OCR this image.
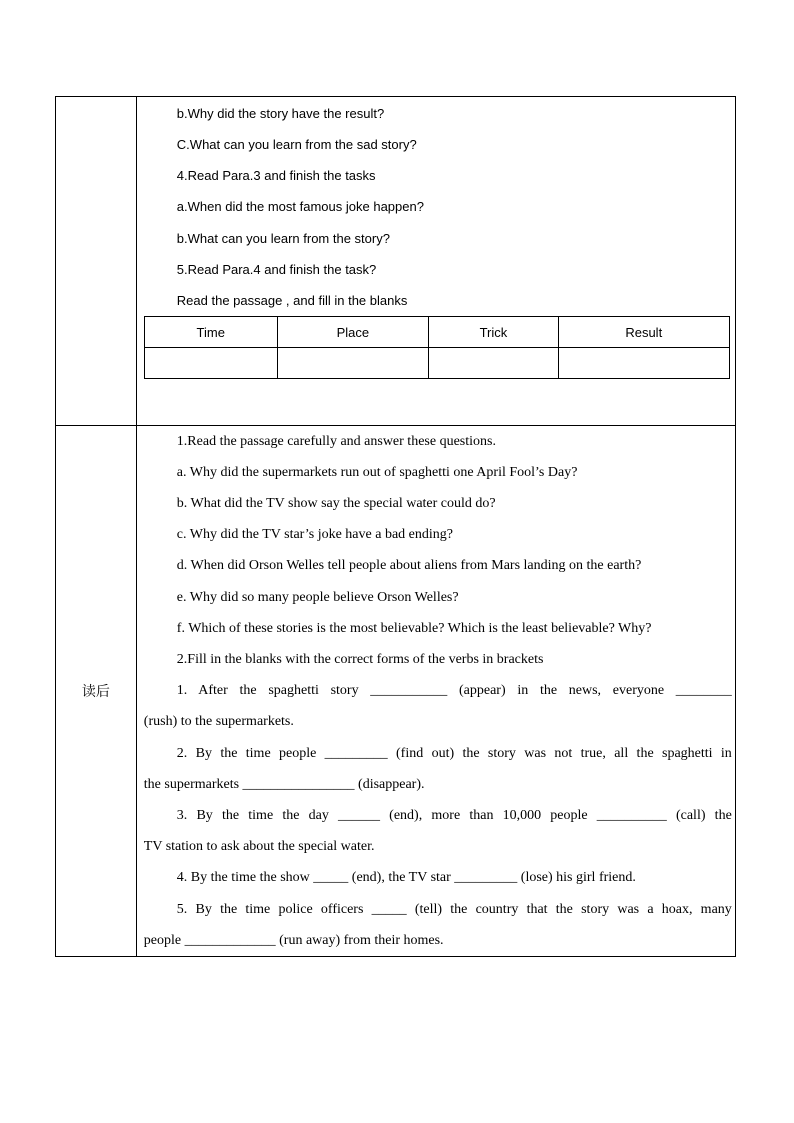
b.Why did the story have the result?
C.What can you learn from the sad story?
4.Read Para.3 and finish the tasks
a.When did the most famous joke happen?
b.What can you learn from the story?
5.Read Para.4 and finish the task?
Read the passage , and fill in the blanks
Time	Place	Trick	Result

读后	
1.Read the passage carefully and answer these questions.
a. Why did the supermarkets run out of spaghetti one April Fool’s Day?
b. What did the TV show say the special water could do?
c. Why did the TV star’s joke have a bad ending?
d. When did Orson Welles tell people about aliens from Mars landing on the earth?
e. Why did so many people believe Orson Welles?
f. Which of these stories is the most believable? Which is the least believable? Why?
2.Fill in the blanks with the correct forms of the verbs in brackets
1. After the spaghetti story ___________ (appear) in the news, everyone ________
(rush) to the supermarkets.
2. By the time people _________ (find out) the story was not true, all the spaghetti in
the supermarkets ________________ (disappear).
3. By the time the day ______ (end), more than 10,000 people __________ (call) the
TV station to ask about the special water.
4. By the time the show _____ (end), the TV star _________ (lose) his girl friend.
5. By the time police officers _____ (tell) the country that the story was a hoax, many
people _____________ (run away) from their homes.
